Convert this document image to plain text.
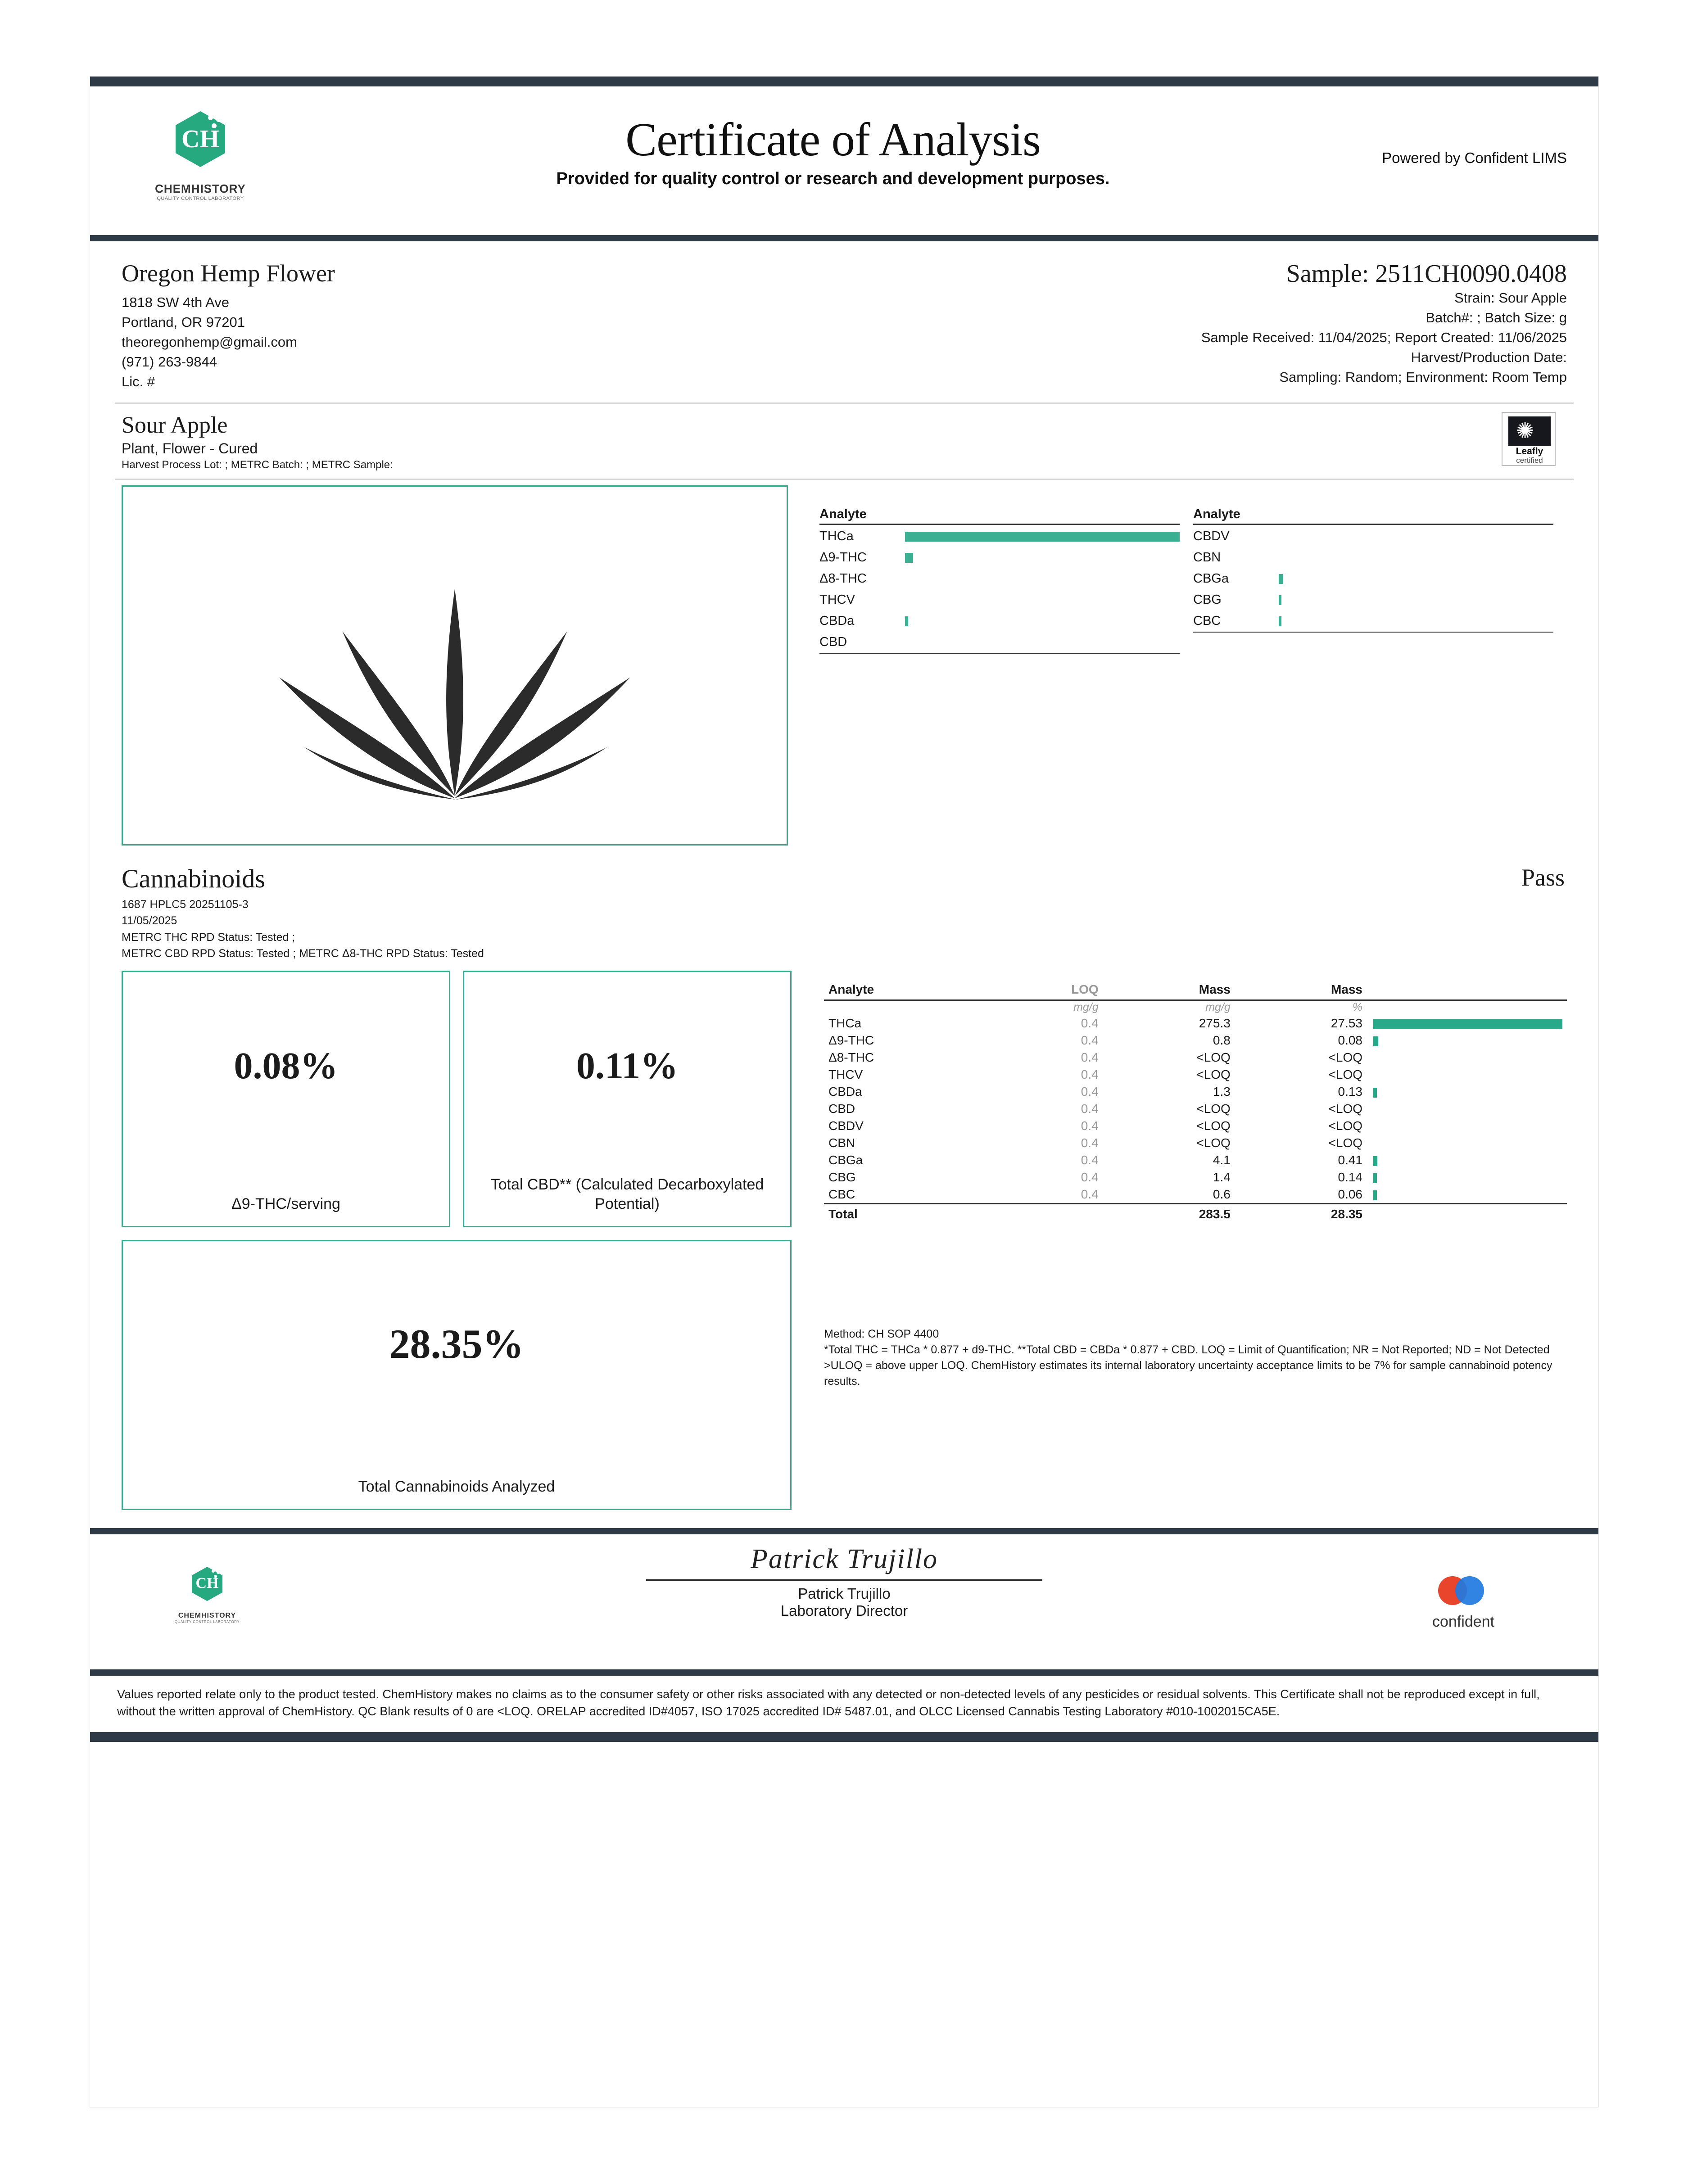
CH
CHEMHISTORY
QUALITY CONTROL LABORATORY
Certificate of Analysis
Provided for quality control or research and development purposes.
Powered by Confident LIMS
Oregon Hemp Flower
1818 SW 4th Ave
Portland, OR 97201
theoregonhemp@gmail.com
(971) 263-9844
Lic. #
Sample: 2511CH0090.0408
Strain: Sour Apple
Batch#: ; Batch Size: g
Sample Received: 11/04/2025; Report Created: 11/06/2025
Harvest/Production Date:
Sampling: Random; Environment: Room Temp
Sour Apple
Plant, Flower - Cured
Harvest Process Lot: ; METRC Batch: ; METRC Sample:
✺
Leafly
certified
Analyte
THCa
Δ9-THC
Δ8-THC
THCV
CBDa
CBD
Analyte
CBDV
CBN
CBGa
CBG
CBC
Cannabinoids	Pass
1687 HPLC5 20251105-3
11/05/2025
METRC THC RPD Status: Tested ;
METRC CBD RPD Status: Tested ; METRC Δ8-THC RPD Status: Tested
0.08%
Δ9-THC/serving
0.11%
Total CBD** (Calculated Decarboxylated Potential)
28.35%
Total Cannabinoids Analyzed
Analyte	LOQ	Mass	Mass	
	mg/g	mg/g	%	
THCa	0.4	275.3	27.53	
Δ9-THC	0.4	0.8	0.08	
Δ8-THC	0.4	<LOQ	<LOQ	
THCV	0.4	<LOQ	<LOQ	
CBDa	0.4	1.3	0.13	
CBD	0.4	<LOQ	<LOQ	
CBDV	0.4	<LOQ	<LOQ	
CBN	0.4	<LOQ	<LOQ	
CBGa	0.4	4.1	0.41	
CBG	0.4	1.4	0.14	
CBC	0.4	0.6	0.06	
Total		283.5	28.35	
Method: CH SOP 4400
*Total THC = THCa * 0.877 + d9-THC. **Total CBD = CBDa * 0.877 + CBD. LOQ = Limit of Quantification; NR = Not Reported; ND = Not Detected
>ULOQ = above upper LOQ. ChemHistory estimates its internal laboratory uncertainty acceptance limits to be 7% for sample cannabinoid potency results.
CH
CHEMHISTORY
QUALITY CONTROL LABORATORY
Patrick Trujillo
Patrick Trujillo
Laboratory Director
confident
Values reported relate only to the product tested. ChemHistory makes no claims as to the consumer safety or other risks associated with any detected or non-detected levels of any pesticides or residual solvents. This Certificate shall not be reproduced except in full, without the written approval of ChemHistory. QC Blank results of 0 are <LOQ. ORELAP accredited ID#4057, ISO 17025 accredited ID# 5487.01, and OLCC Licensed Cannabis Testing Laboratory #010-1002015CA5E.
